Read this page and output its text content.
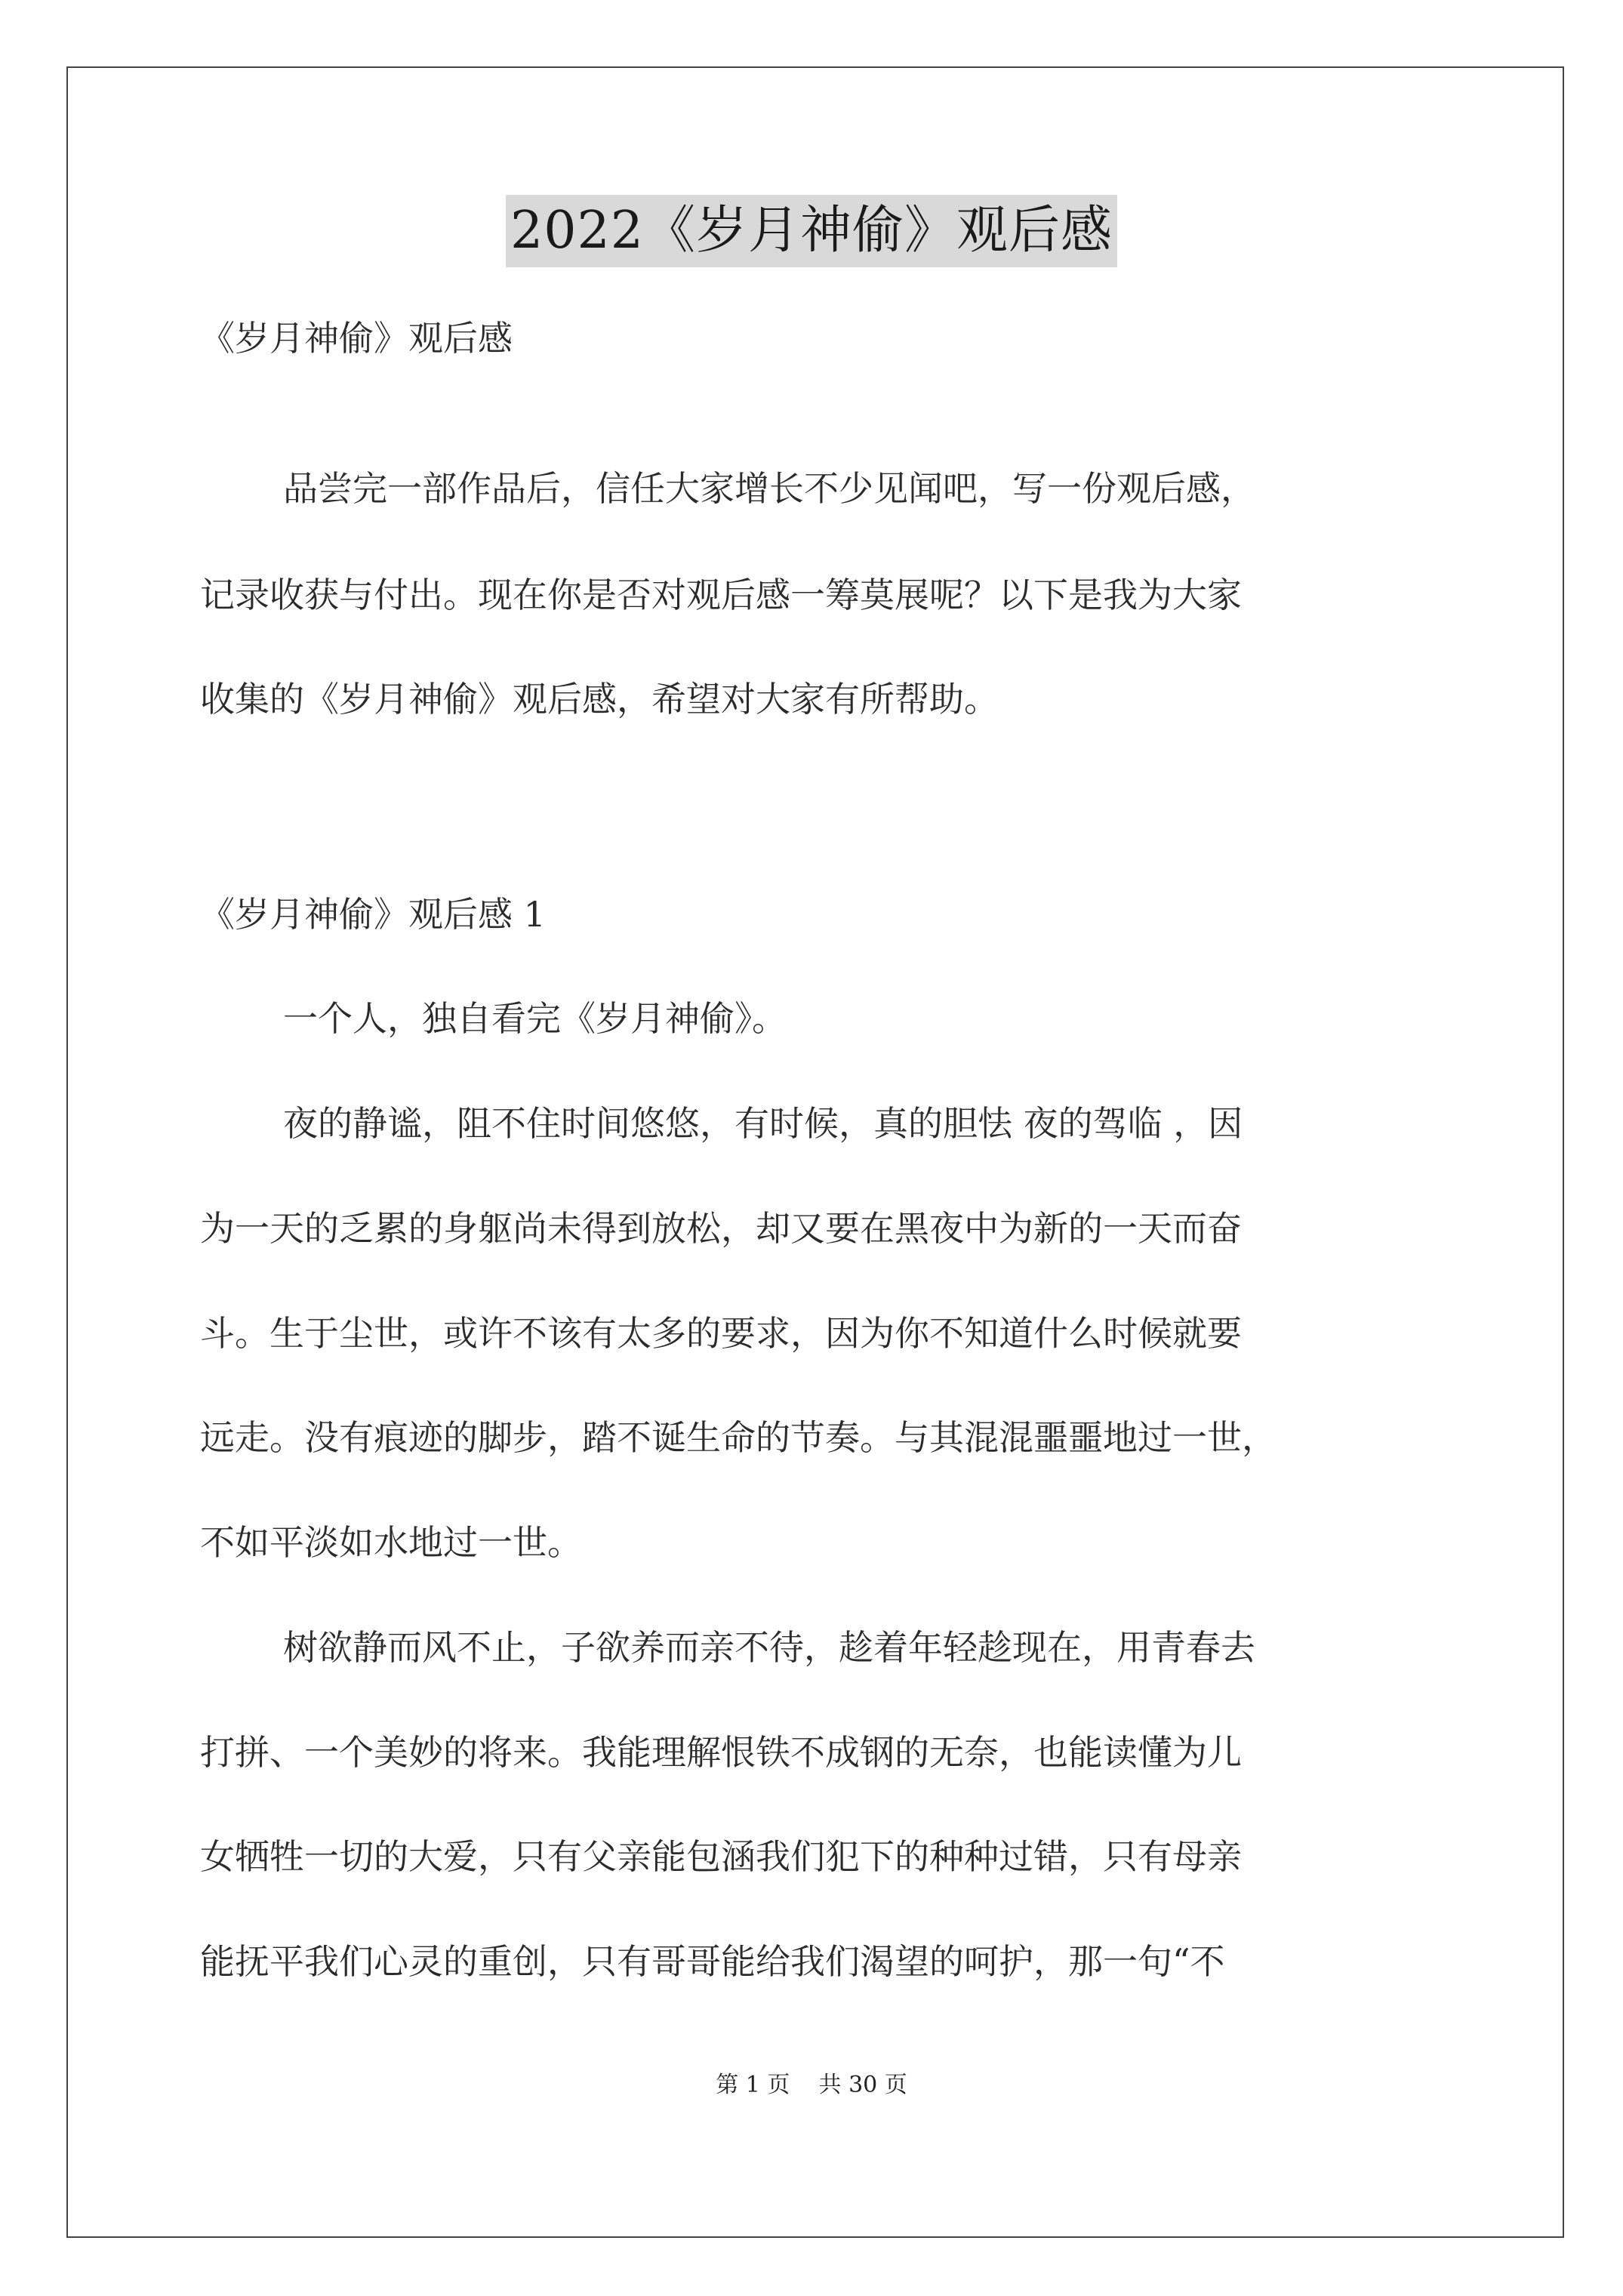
2022《岁月神偷》观后感
《岁月神偷》观后感
品尝完一部作品后，信任大家增长不少见闻吧，写一份观后感，
记录收获与付出。现在你是否对观后感一筹莫展呢？以下是我为大家
收集的《岁月神偷》观后感，希望对大家有所帮助。
《岁月神偷》观后感 1
一个人，独自看完《岁月神偷》。
夜的静谧，阻不住时间悠悠，有时候，真的胆怯 夜的驾临 ，因
为一天的乏累的身躯尚未得到放松，却又要在黑夜中为新的一天而奋
斗。生于尘世，或许不该有太多的要求，因为你不知道什么时候就要
远走。没有痕迹的脚步，踏不诞生命的节奏。与其混混噩噩地过一世，
不如平淡如水地过一世。
树欲静而风不止，子欲养而亲不待，趁着年轻趁现在，用青春去
打拼、一个美妙的将来。我能理解恨铁不成钢的无奈，也能读懂为儿
女牺牲一切的大爱，只有父亲能包涵我们犯下的种种过错，只有母亲
能抚平我们心灵的重创，只有哥哥能给我们渴望的呵护，那一句“不
第 1 页 共 30 页
